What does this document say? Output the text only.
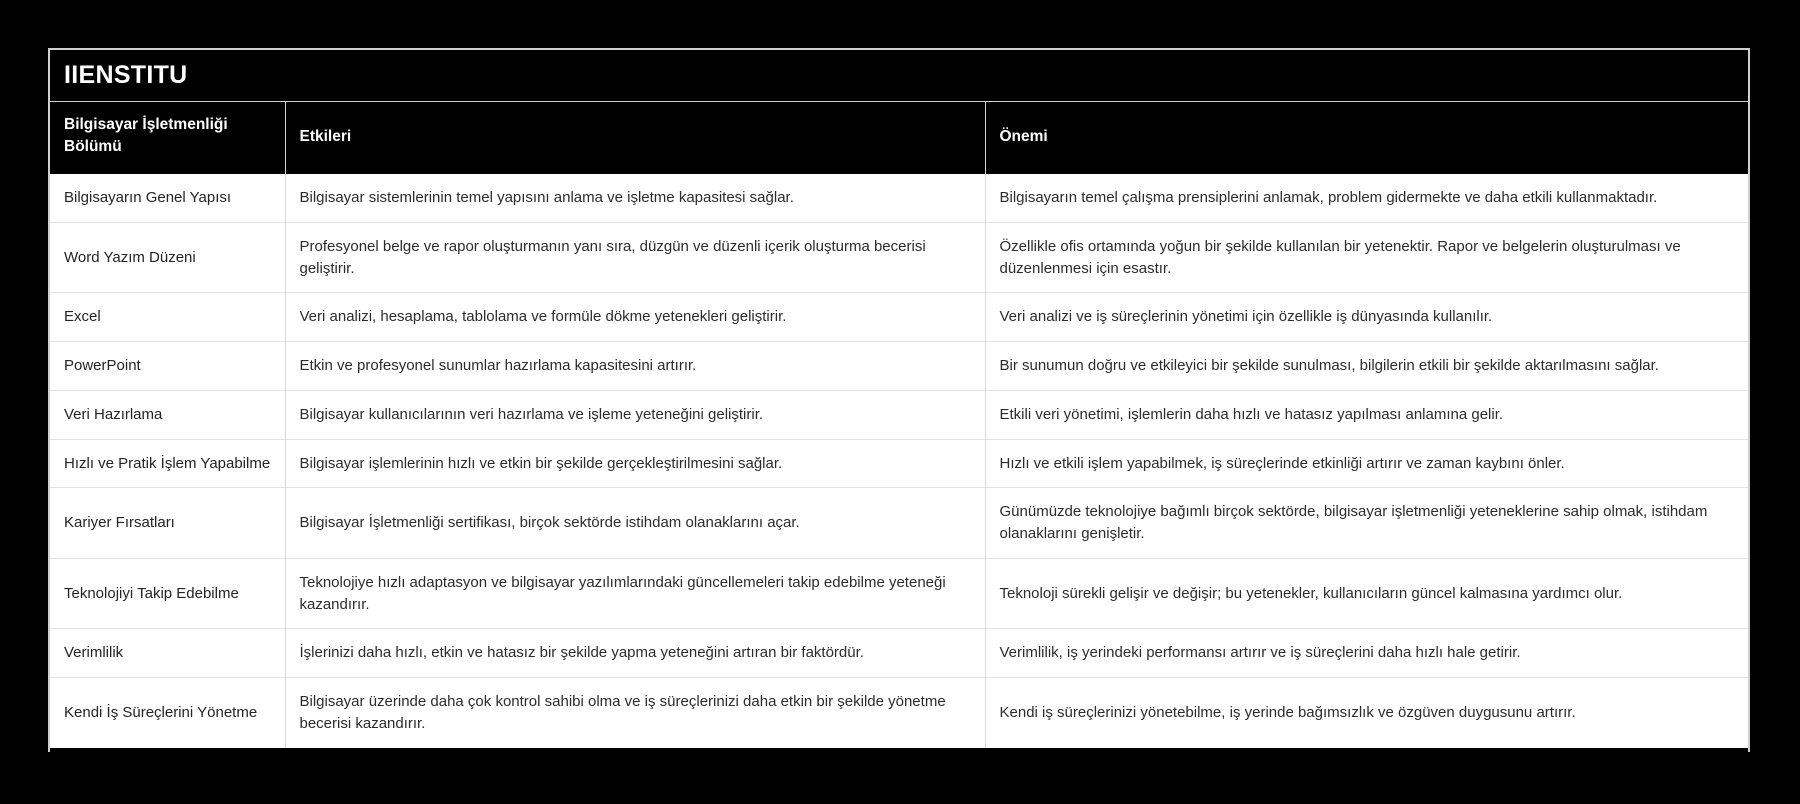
IIENSTITU
Bilgisayar İşletmenliği Bölümü	Etkileri	Önemi
Bilgisayarın Genel Yapısı	Bilgisayar sistemlerinin temel yapısını anlama ve işletme kapasitesi sağlar.	Bilgisayarın temel çalışma prensiplerini anlamak, problem gidermekte ve daha etkili kullanmaktadır.
Word Yazım Düzeni	Profesyonel belge ve rapor oluşturmanın yanı sıra, düzgün ve düzenli içerik oluşturma becerisi geliştirir.	Özellikle ofis ortamında yoğun bir şekilde kullanılan bir yetenektir. Rapor ve belgelerin oluşturulması ve düzenlenmesi için esastır.
Excel	Veri analizi, hesaplama, tablolama ve formüle dökme yetenekleri geliştirir.	Veri analizi ve iş süreçlerinin yönetimi için özellikle iş dünyasında kullanılır.
PowerPoint	Etkin ve profesyonel sunumlar hazırlama kapasitesini artırır.	Bir sunumun doğru ve etkileyici bir şekilde sunulması, bilgilerin etkili bir şekilde aktarılmasını sağlar.
Veri Hazırlama	Bilgisayar kullanıcılarının veri hazırlama ve işleme yeteneğini geliştirir.	Etkili veri yönetimi, işlemlerin daha hızlı ve hatasız yapılması anlamına gelir.
Hızlı ve Pratik İşlem Yapabilme	Bilgisayar işlemlerinin hızlı ve etkin bir şekilde gerçekleştirilmesini sağlar.	Hızlı ve etkili işlem yapabilmek, iş süreçlerinde etkinliği artırır ve zaman kaybını önler.
Kariyer Fırsatları	Bilgisayar İşletmenliği sertifikası, birçok sektörde istihdam olanaklarını açar.	Günümüzde teknolojiye bağımlı birçok sektörde, bilgisayar işletmenliği yeteneklerine sahip olmak, istihdam olanaklarını genişletir.
Teknolojiyi Takip Edebilme	Teknolojiye hızlı adaptasyon ve bilgisayar yazılımlarındaki güncellemeleri takip edebilme yeteneği kazandırır.	Teknoloji sürekli gelişir ve değişir; bu yetenekler, kullanıcıların güncel kalmasına yardımcı olur.
Verimlilik	İşlerinizi daha hızlı, etkin ve hatasız bir şekilde yapma yeteneğini artıran bir faktördür.	Verimlilik, iş yerindeki performansı artırır ve iş süreçlerini daha hızlı hale getirir.
Kendi İş Süreçlerini Yönetme	Bilgisayar üzerinde daha çok kontrol sahibi olma ve iş süreçlerinizi daha etkin bir şekilde yönetme becerisi kazandırır.	Kendi iş süreçlerinizi yönetebilme, iş yerinde bağımsızlık ve özgüven duygusunu artırır.
